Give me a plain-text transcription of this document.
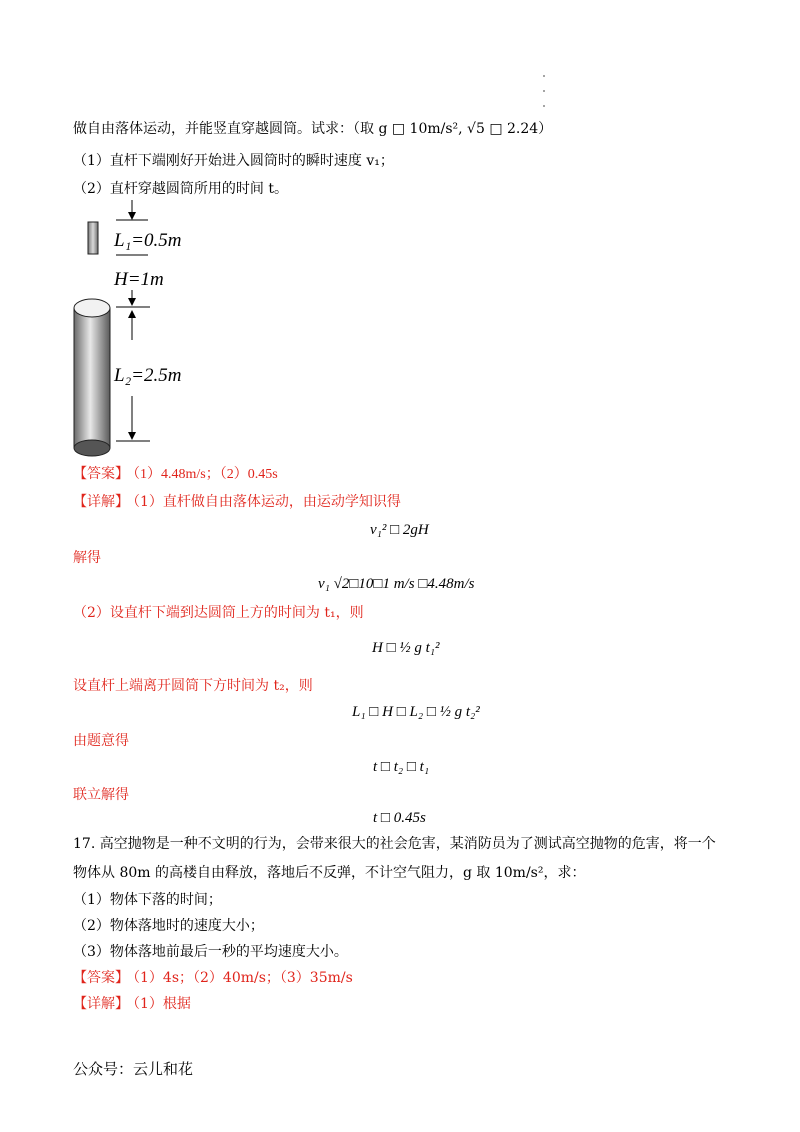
做自由落体运动，并能竖直穿越圆筒。试求：（取 g □ 10m/s², √5 □ 2.24）
（1）直杆下端刚好开始进入圆筒时的瞬时速度 v₁；
（2）直杆穿越圆筒所用的时间 t。
L₁=0.5m
H=1m
L₂=2.5m
【答案】 （1）4.48m/s；（2）0.45s
【详解】 （1）直杆做自由落体运动，由运动学知识得
v₁² □ 2gH
解得
v₁ √2□10□1 m/s □4.48m/s
（2）设直杆下端到达圆筒上方的时间为 t₁，则
H □ ½ g t₁²
设直杆上端离开圆筒下方时间为 t₂，则
L₁ □ H □ L₂ □ ½ g t₂²
由题意得
t □ t₂ □ t₁
联立解得
t □ 0.45s
17. 高空抛物是一种不文明的行为，会带来很大的社会危害，某消防员为了测试高空抛物的危害，将一个
物体从 80m 的高楼自由释放，落地后不反弹，不计空气阻力，g 取 10m/s²，求：
（1）物体下落的时间；
（2）物体落地时的速度大小；
（3）物体落地前最后一秒的平均速度大小。
【答案】 （1）4s；（2）40m/s；（3）35m/s
【详解】 （1）根据
公众号：云儿和花
